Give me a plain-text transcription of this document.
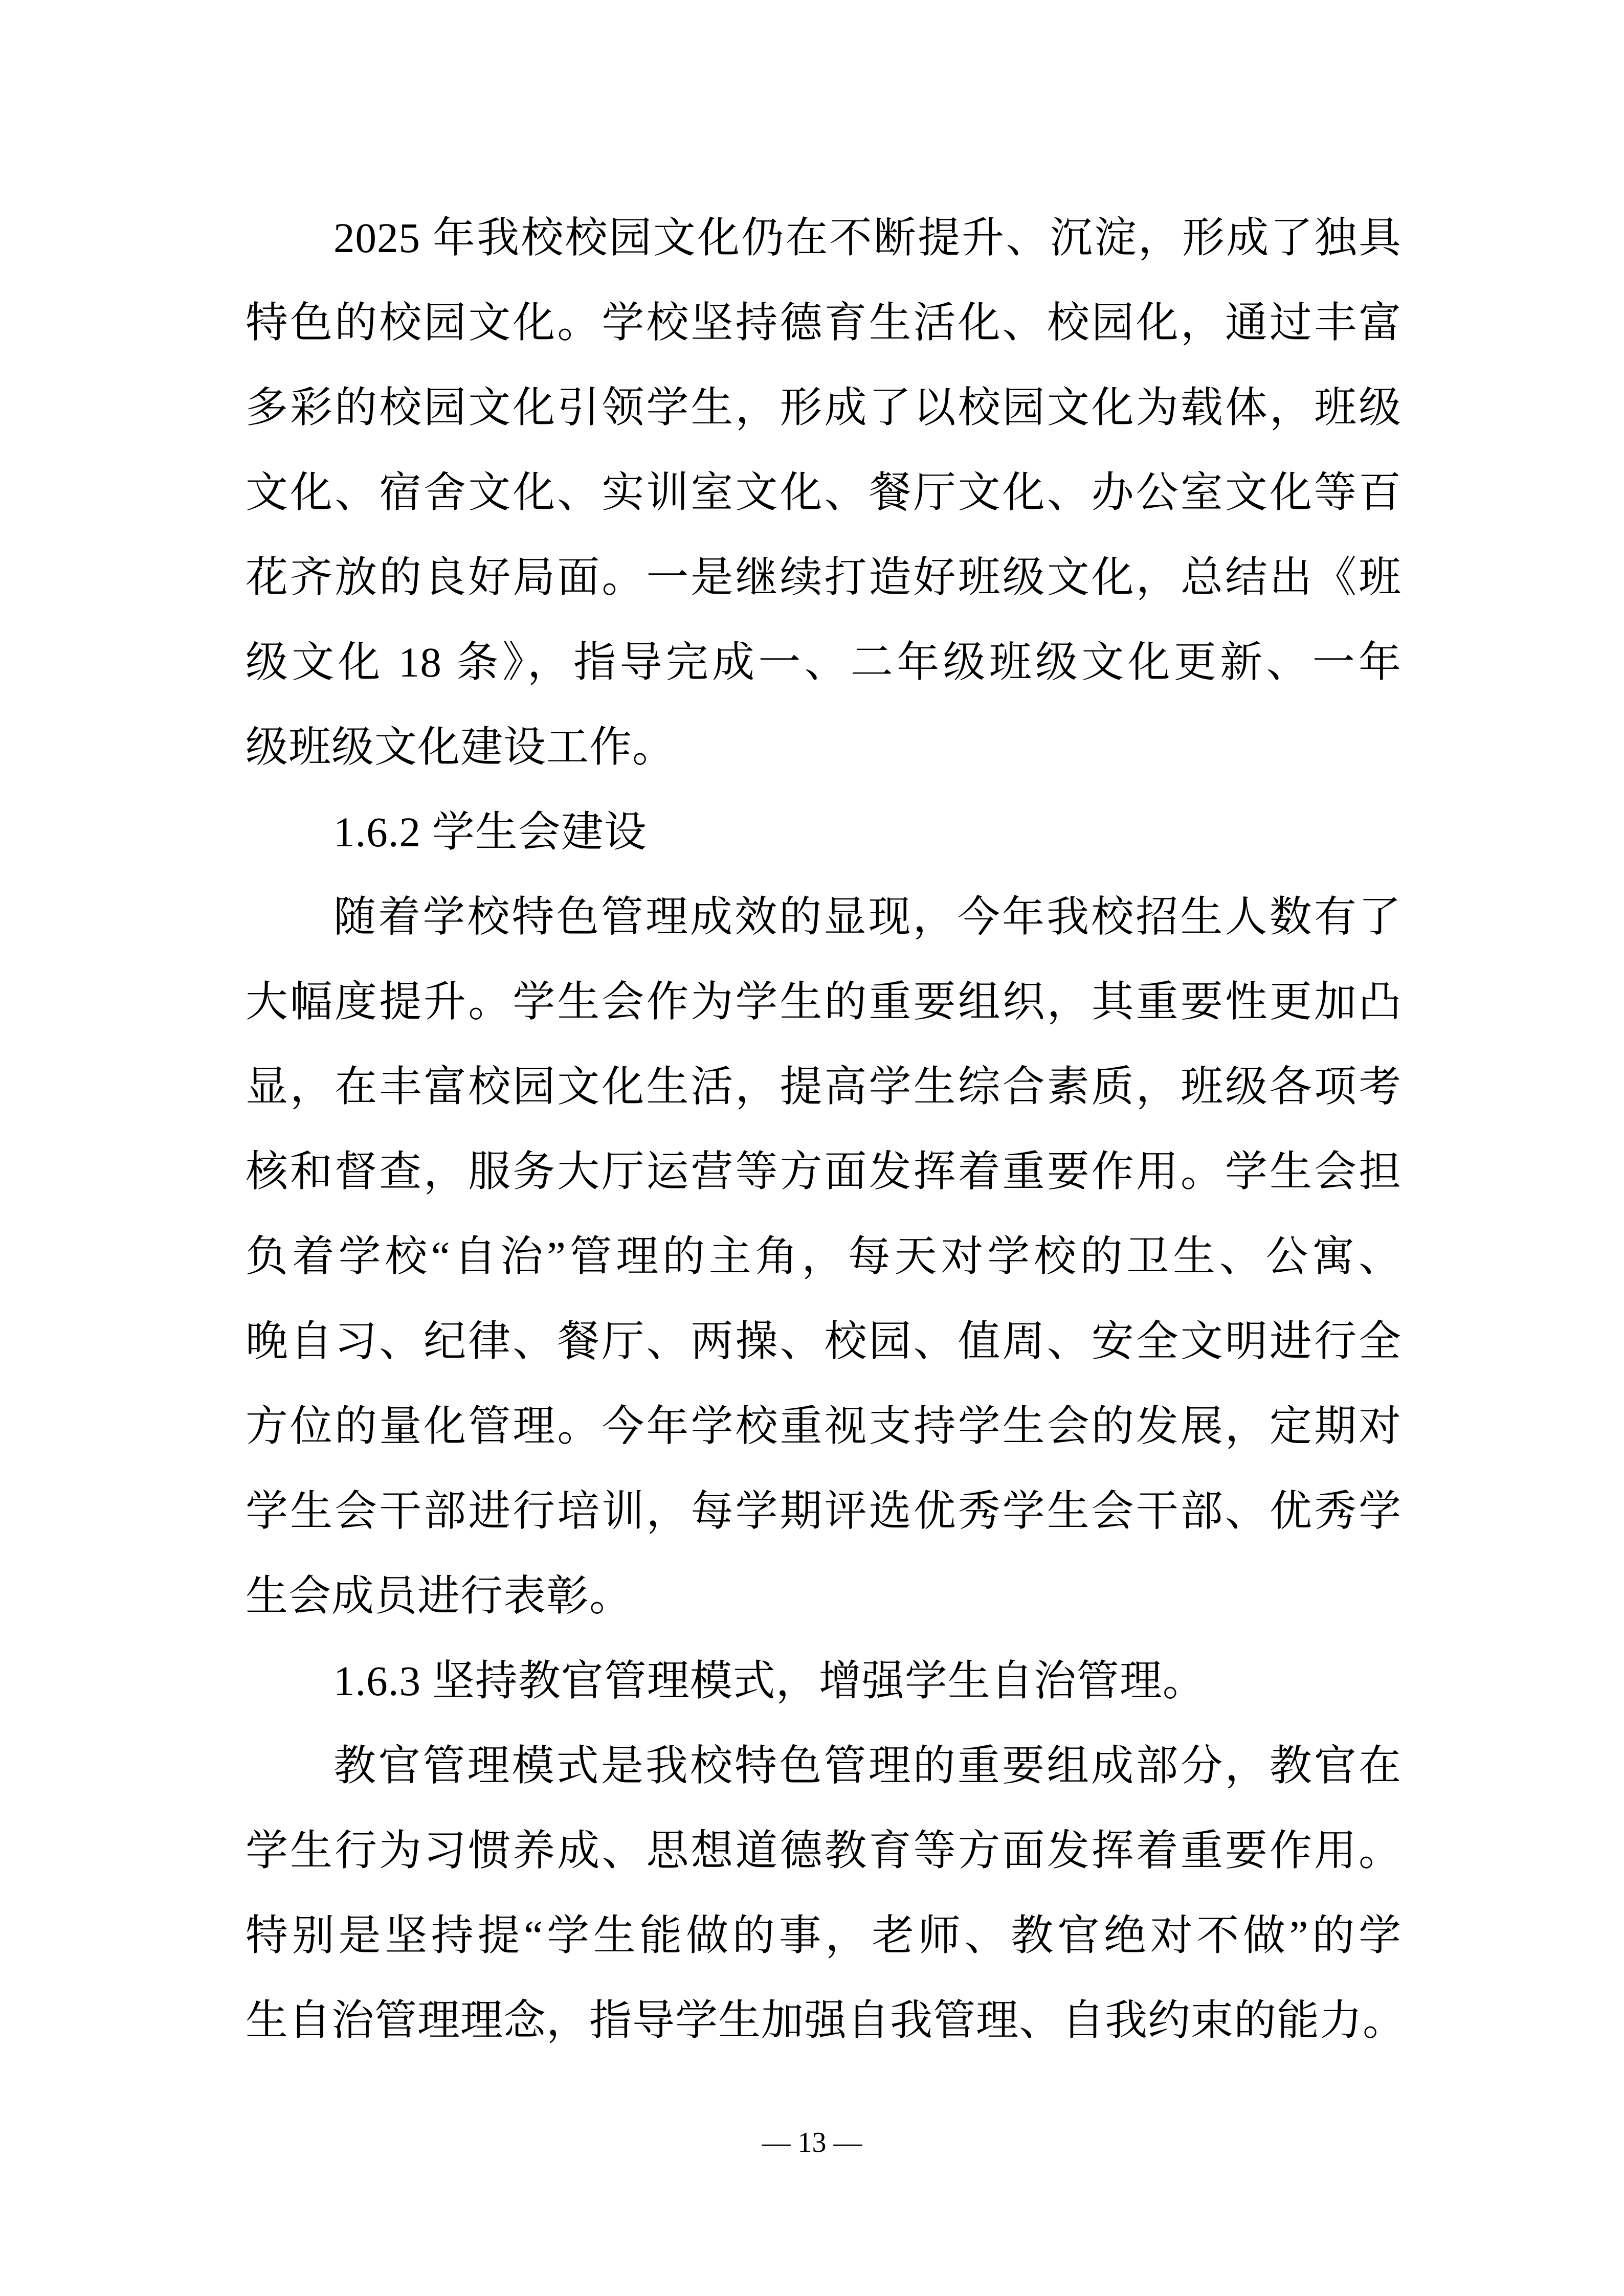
2025 年我校校园文化仍在不断提升、沉淀，形成了独具
特色的校园文化。学校坚持德育生活化、校园化，通过丰富
多彩的校园文化引领学生，形成了以校园文化为载体，班级
文化、宿舍文化、实训室文化、餐厅文化、办公室文化等百
花齐放的良好局面。一是继续打造好班级文化，总结出《班
级文化 18 条》，指导完成一、二年级班级文化更新、一年
级班级文化建设工作。
1.6.2 学生会建设
随着学校特色管理成效的显现，今年我校招生人数有了
大幅度提升。学生会作为学生的重要组织，其重要性更加凸
显，在丰富校园文化生活，提高学生综合素质，班级各项考
核和督查，服务大厅运营等方面发挥着重要作用。学生会担
负着学校“自治”管理的主角，每天对学校的卫生、公寓、
晚自习、纪律、餐厅、两操、校园、值周、安全文明进行全
方位的量化管理。今年学校重视支持学生会的发展，定期对
学生会干部进行培训，每学期评选优秀学生会干部、优秀学
生会成员进行表彰。
1.6.3 坚持教官管理模式，增强学生自治管理。
教官管理模式是我校特色管理的重要组成部分，教官在
学生行为习惯养成、思想道德教育等方面发挥着重要作用。
特别是坚持提“学生能做的事，老师、教官绝对不做”的学
生自治管理理念，指导学生加强自我管理、自我约束的能力。
— 13 —
